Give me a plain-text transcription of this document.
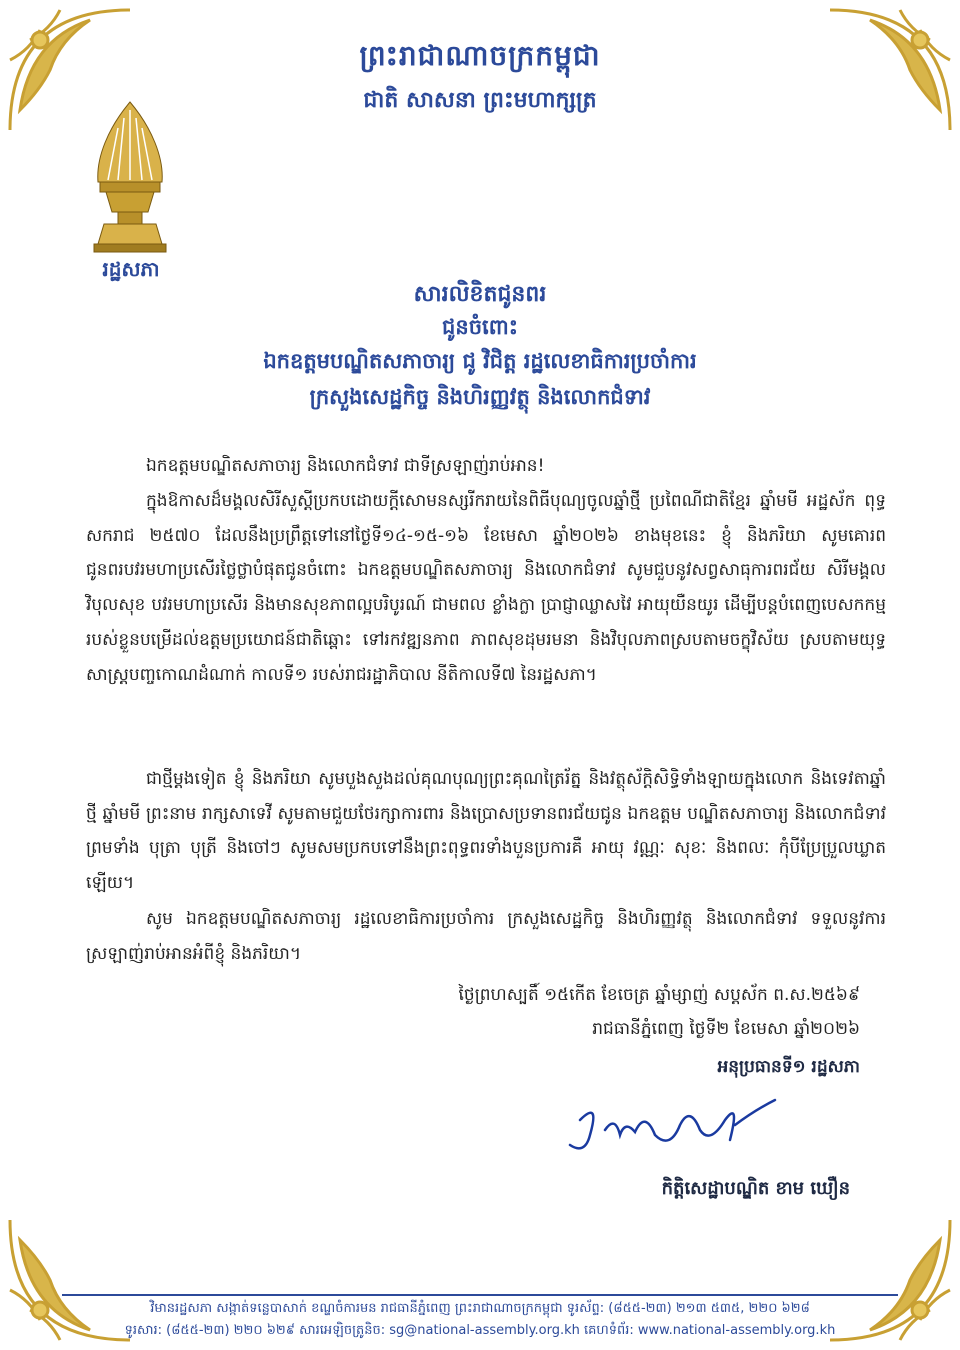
ព្រះរាជាណាចក្រកម្ពុជា
ជាតិ សាសនា ព្រះមហាក្សត្រ
រដ្ឋសភា
សារលិខិតជូនពរ
ជូនចំពោះ
ឯកឧត្តមបណ្ឌិតសភាចារ្យ ជូ វិជិត្ត រដ្ឋលេខាធិការប្រចាំការ
ក្រសួងសេដ្ឋកិច្ច និងហិរញ្ញវត្ថុ និងលោកជំទាវ

ឯកឧត្តមបណ្ឌិតសភាចារ្យ និងលោកជំទាវ ជាទីស្រឡាញ់រាប់អាន!

ក្នុងឱកាសដ៏មង្គលសិរីសួស្តីប្រកបដោយក្តីសោមនស្សរីករាយនៃពិធីបុណ្យចូលឆ្នាំថ្មី ប្រពៃណីជាតិខ្មែរ ឆ្នាំមមី អដ្ឋស័ក ពុទ្ធសករាជ ២៥៧០ ដែលនឹងប្រព្រឹត្តទៅនៅថ្ងៃទី១៤-១៥-១៦ ខែមេសា ឆ្នាំ២០២៦ ខាងមុខនេះ ខ្ញុំ និងភរិយា សូមគោរពជូនពរបវរមហាប្រសើរថ្លៃថ្លាបំផុតជូនចំពោះ ឯកឧត្តមបណ្ឌិតសភាចារ្យ និងលោកជំទាវ សូមជួបនូវសព្វសាធុការពរជ័យ សិរីមង្គល វិបុលសុខ បវរមហាប្រសើរ និងមានសុខភាពល្អបរិបូរណ៍ ជាមពល ខ្លាំងក្លា ប្រាជ្ញាឈ្លាសវៃ អាយុយឺនយូរ ដើម្បីបន្តបំពេញបេសកកម្មរបស់ខ្លួនបម្រើដល់ឧត្តមប្រយោជន៍ជាតិឆ្ពោះ ទៅរកវឌ្ឍនភាព ភាពសុខដុមរមនា និងវិបុលភាពស្របតាមចក្ខុវិស័យ ស្របតាមយុទ្ធសាស្ត្របញ្ចកោណដំណាក់ កាលទី១ របស់រាជរដ្ឋាភិបាល នីតិកាលទី៧ នៃរដ្ឋសភា។

ជាថ្មីម្តងទៀត ខ្ញុំ និងភរិយា សូមបួងសួងដល់គុណបុណ្យព្រះគុណត្រៃរ័ត្ន និងវត្ថុស័ក្តិសិទ្ធិទាំងឡាយក្នុងលោក និងទេវតាឆ្នាំថ្មី ឆ្នាំមមី ព្រះនាម រាក្សសាទេវី សូមតាមជួយថែរក្សាការពារ និងប្រោសប្រទានពរជ័យជូន ឯកឧត្តម បណ្ឌិតសភាចារ្យ និងលោកជំទាវ ព្រមទាំង បុត្រា បុត្រី និងចៅៗ សូមសមប្រកបទៅនឹងព្រះពុទ្ធពរទាំងបួនប្រការគឺ អាយុ វណ្ណៈ សុខៈ និងពលៈ កុំបីប្រែប្រួលឃ្លាតឡើយ។

សូម ឯកឧត្តមបណ្ឌិតសភាចារ្យ រដ្ឋលេខាធិការប្រចាំការ ក្រសួងសេដ្ឋកិច្ច និងហិរញ្ញវត្ថុ និងលោកជំទាវ ទទួលនូវការស្រឡាញ់រាប់អានអំពីខ្ញុំ និងភរិយា។

ថ្ងៃព្រហស្បតិ៍ ១៥កើត ខែចេត្រ ឆ្នាំម្សាញ់ សប្តស័ក ព.ស.២៥៦៩
រាជធានីភ្នំពេញ ថ្ងៃទី២ ខែមេសា ឆ្នាំ២០២៦
អនុប្រធានទី១ រដ្ឋសភា
កិត្តិសេដ្ឋាបណ្ឌិត ខាម ឃឿន
វិមានរដ្ឋសភា សង្កាត់ទន្លេបាសាក់ ខណ្ឌចំការមន រាជធានីភ្នំពេញ ព្រះរាជាណាចក្រកម្ពុជា ទូរស័ព្ទ: (៨៥៥-២៣) ២១៣ ៥៣៥, ២២០ ៦២៨
ទូរសារ: (៨៥៥-២៣) ២២០ ៦២៩ សារអេឡិចត្រូនិច: sg@national-assembly.org.kh គេហទំព័រ: www.national-assembly.org.kh
